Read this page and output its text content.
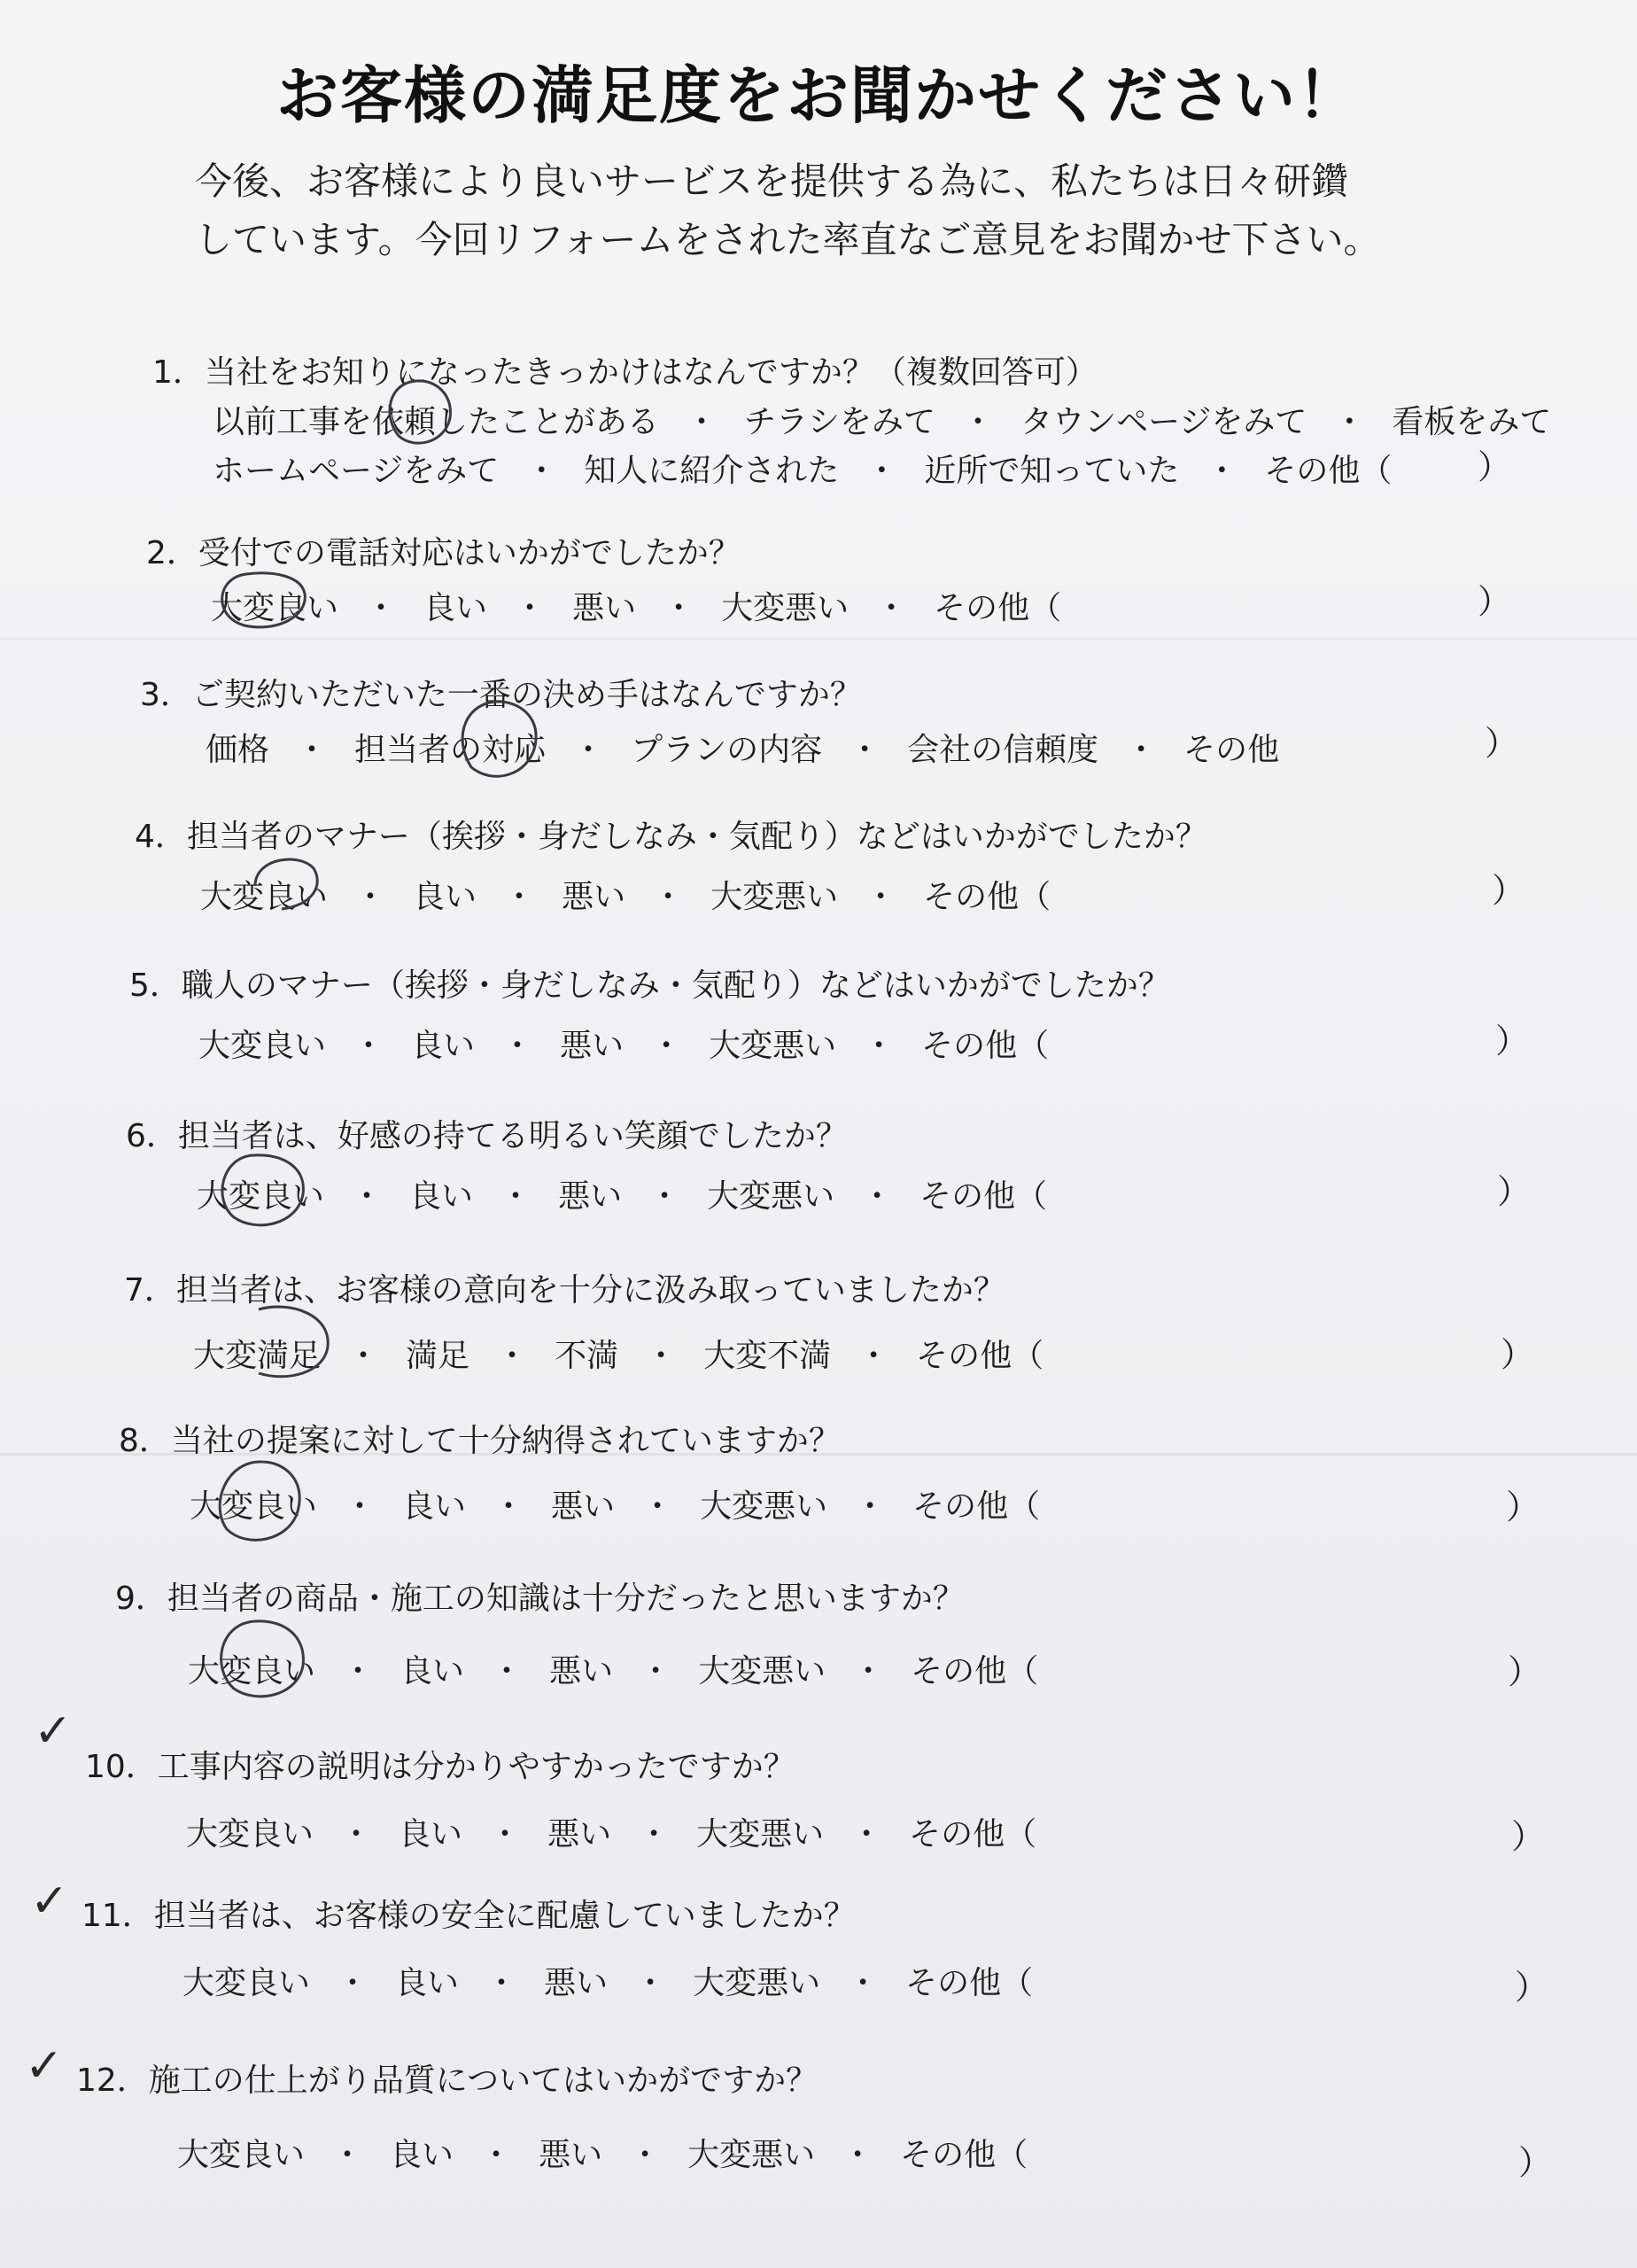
お客様の満足度をお聞かせください！
今後、お客様により良いサービスを提供する為に、私たちは日々研鑽
しています。今回リフォームをされた率直なご意見をお聞かせ下さい。
1．当社をお知りになったきっかけはなんですか？（複数回答可）
以前工事を依頼したことがある ・ チラシをみて ・ タウンページをみて ・ 看板をみて
ホームページをみて ・ 知人に紹介された ・ 近所で知っていた ・ その他（	）
2．受付での電話対応はいかがでしたか？
大変良い ・ 良い ・ 悪い ・ 大変悪い ・ その他（	）
3．ご契約いただいた一番の決め手はなんですか？
価格 ・ 担当者の対応 ・ プランの内容 ・ 会社の信頼度 ・ その他	）
4．担当者のマナー（挨拶・身だしなみ・気配り）などはいかがでしたか？
大変良い ・ 良い ・ 悪い ・ 大変悪い ・ その他（	）
5．職人のマナー（挨拶・身だしなみ・気配り）などはいかがでしたか？
大変良い ・ 良い ・ 悪い ・ 大変悪い ・ その他（	）
6．担当者は、好感の持てる明るい笑顔でしたか？
大変良い ・ 良い ・ 悪い ・ 大変悪い ・ その他（	）
7．担当者は、お客様の意向を十分に汲み取っていましたか？
大変満足 ・ 満足 ・ 不満 ・ 大変不満 ・ その他（	）
8．当社の提案に対して十分納得されていますか？
大変良い ・ 良い ・ 悪い ・ 大変悪い ・ その他（	）
9．担当者の商品・施工の知識は十分だったと思いますか？
大変良い ・ 良い ・ 悪い ・ 大変悪い ・ その他（	）
✓
10．工事内容の説明は分かりやすかったですか？
大変良い ・ 良い ・ 悪い ・ 大変悪い ・ その他（	）
✓ 11．担当者は、お客様の安全に配慮していましたか？
大変良い ・ 良い ・ 悪い ・ 大変悪い ・ その他（	）
✓ 12．施工の仕上がり品質についてはいかがですか？
大変良い ・ 良い ・ 悪い ・ 大変悪い ・ その他（	）
